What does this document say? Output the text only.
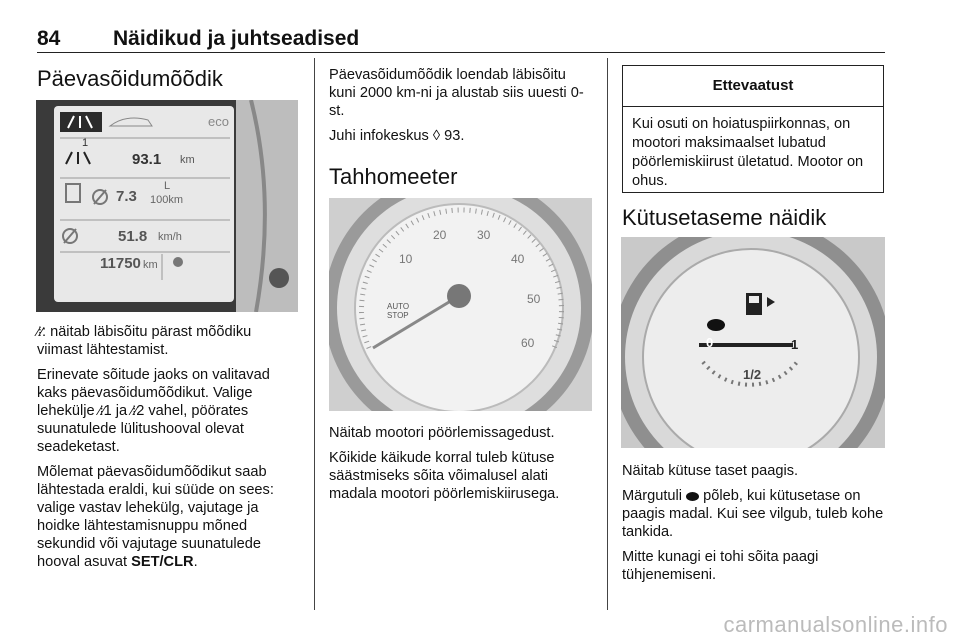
84	Näidikud ja juhtseadised
Päevasõidumõõdik
1
eco
93.1 km
7.3
L
100km
51.8 km/h
11750 km

⁄⁞⁄: näitab läbisõitu pärast mõõdiku viimast lähtestamist.

Erinevate sõitude jaoks on valitavad kaks päevasõidumõõdikut. Valige lehekülje ⁄⁞⁄1 ja ⁄⁞⁄2 vahel, pöörates suunatulede lülitushooval olevat seadeketast.

Mõlemat päevasõidumõõdikut saab lähtestada eraldi, kui süüde on sees: valige vastav lehekülg, vajutage ja hoidke lähtestamisnuppu mõned sekundid või vajutage suunatulede hooval asuvat SET/CLR.

Päevasõidumõõdik loendab läbisõitu kuni 2000 km-ni ja alustab siis uuesti 0-st.

Juhi infokeskus ◊ 93.

Tahhomeeter
AUTO
STOP
10
20	30
40
50
60

Näitab mootori pöörlemissagedust.

Kõikide käikude korral tuleb kütuse säästmiseks sõita võimalusel alati madala mootori pöörlemiskiirusega.

Ettevaatust
Kui osuti on hoiatuspiirkonnas, on mootori maksimaalset lubatud pöörlemiskiirust ületatud. Mootor on ohus.
Kütusetaseme näidik
0
1/2
1

Näitab kütuse taset paagis.

Märgutuli  põleb, kui kütusetase on paagis madal. Kui see vilgub, tuleb kohe tankida.

Mitte kunagi ei tohi sõita paagi tühjenemiseni.

carmanualsonline.info
